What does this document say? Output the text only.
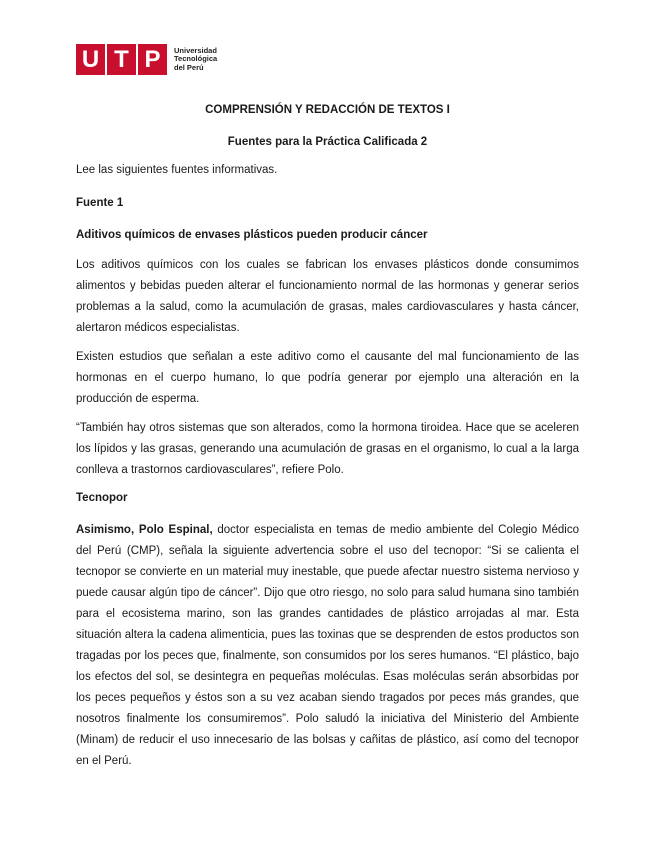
U T P	Universidad
Tecnológica
del Perú
COMPRENSIÓN Y REDACCIÓN DE TEXTOS I
Fuentes para la Práctica Calificada 2

Lee las siguientes fuentes informativas.

Fuente 1

Aditivos químicos de envases plásticos pueden producir cáncer

Los aditivos químicos con los cuales se fabrican los envases plásticos donde consumimos alimentos y bebidas pueden alterar el funcionamiento normal de las hormonas y generar serios problemas a la salud, como la acumulación de grasas, males cardiovasculares y hasta cáncer, alertaron médicos especialistas.

Existen estudios que señalan a este aditivo como el causante del mal funcionamiento de las hormonas en el cuerpo humano, lo que podría generar por ejemplo una alteración en la producción de esperma.

“También hay otros sistemas que son alterados, como la hormona tiroidea. Hace que se aceleren los lípidos y las grasas, generando una acumulación de grasas en el organismo, lo cual a la larga conlleva a trastornos cardiovasculares”, refiere Polo.

Tecnopor

Asimismo, Polo Espinal, doctor especialista en temas de medio ambiente del Colegio Médico del Perú (CMP), señala la siguiente advertencia sobre el uso del tecnopor: “Si se calienta el tecnopor se convierte en un material muy inestable, que puede afectar nuestro sistema nervioso y puede causar algún tipo de cáncer”. Dijo que otro riesgo, no solo para salud humana sino también para el ecosistema marino, son las grandes cantidades de plástico arrojadas al mar. Esta situación altera la cadena alimenticia, pues las toxinas que se desprenden de estos productos son tragadas por los peces que, finalmente, son consumidos por los seres humanos. “El plástico, bajo los efectos del sol, se desintegra en pequeñas moléculas. Esas moléculas serán absorbidas por los peces pequeños y éstos son a su vez acaban siendo tragados por peces más grandes, que nosotros finalmente los consumiremos”. Polo saludó la iniciativa del Ministerio del Ambiente (Minam) de reducir el uso innecesario de las bolsas y cañitas de plástico, así como del tecnopor en el Perú.
